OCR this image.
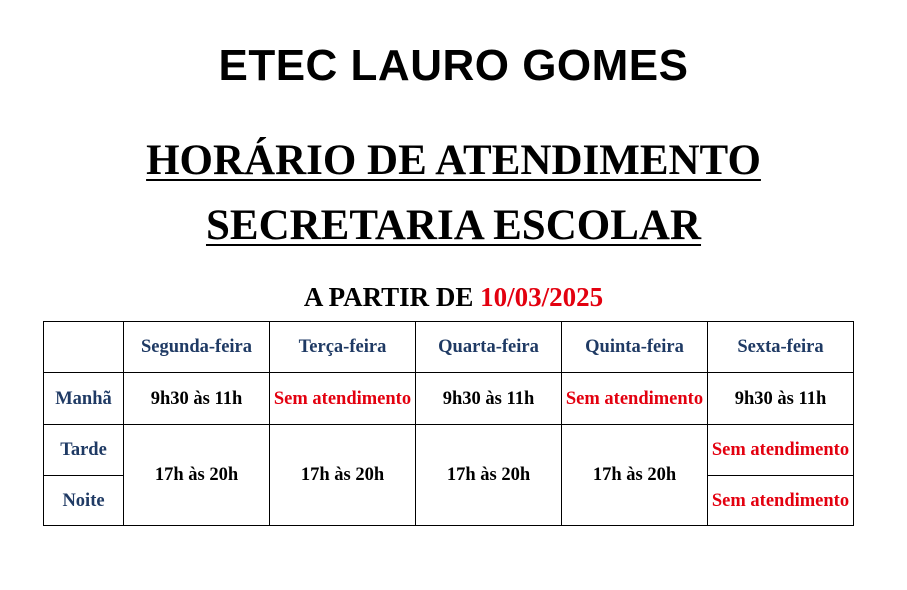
ETEC LAURO GOMES
HORÁRIO DE ATENDIMENTO
SECRETARIA ESCOLAR
A PARTIR DE 10/03/2025
	Segunda-feira	Terça-feira	Quarta-feira	Quinta-feira	Sexta-feira
Manhã	9h30 às 11h	Sem atendimento	9h30 às 11h	Sem atendimento	9h30 às 11h
Tarde	17h às 20h	17h às 20h	17h às 20h	17h às 20h	Sem atendimento
Noite					Sem atendimento
